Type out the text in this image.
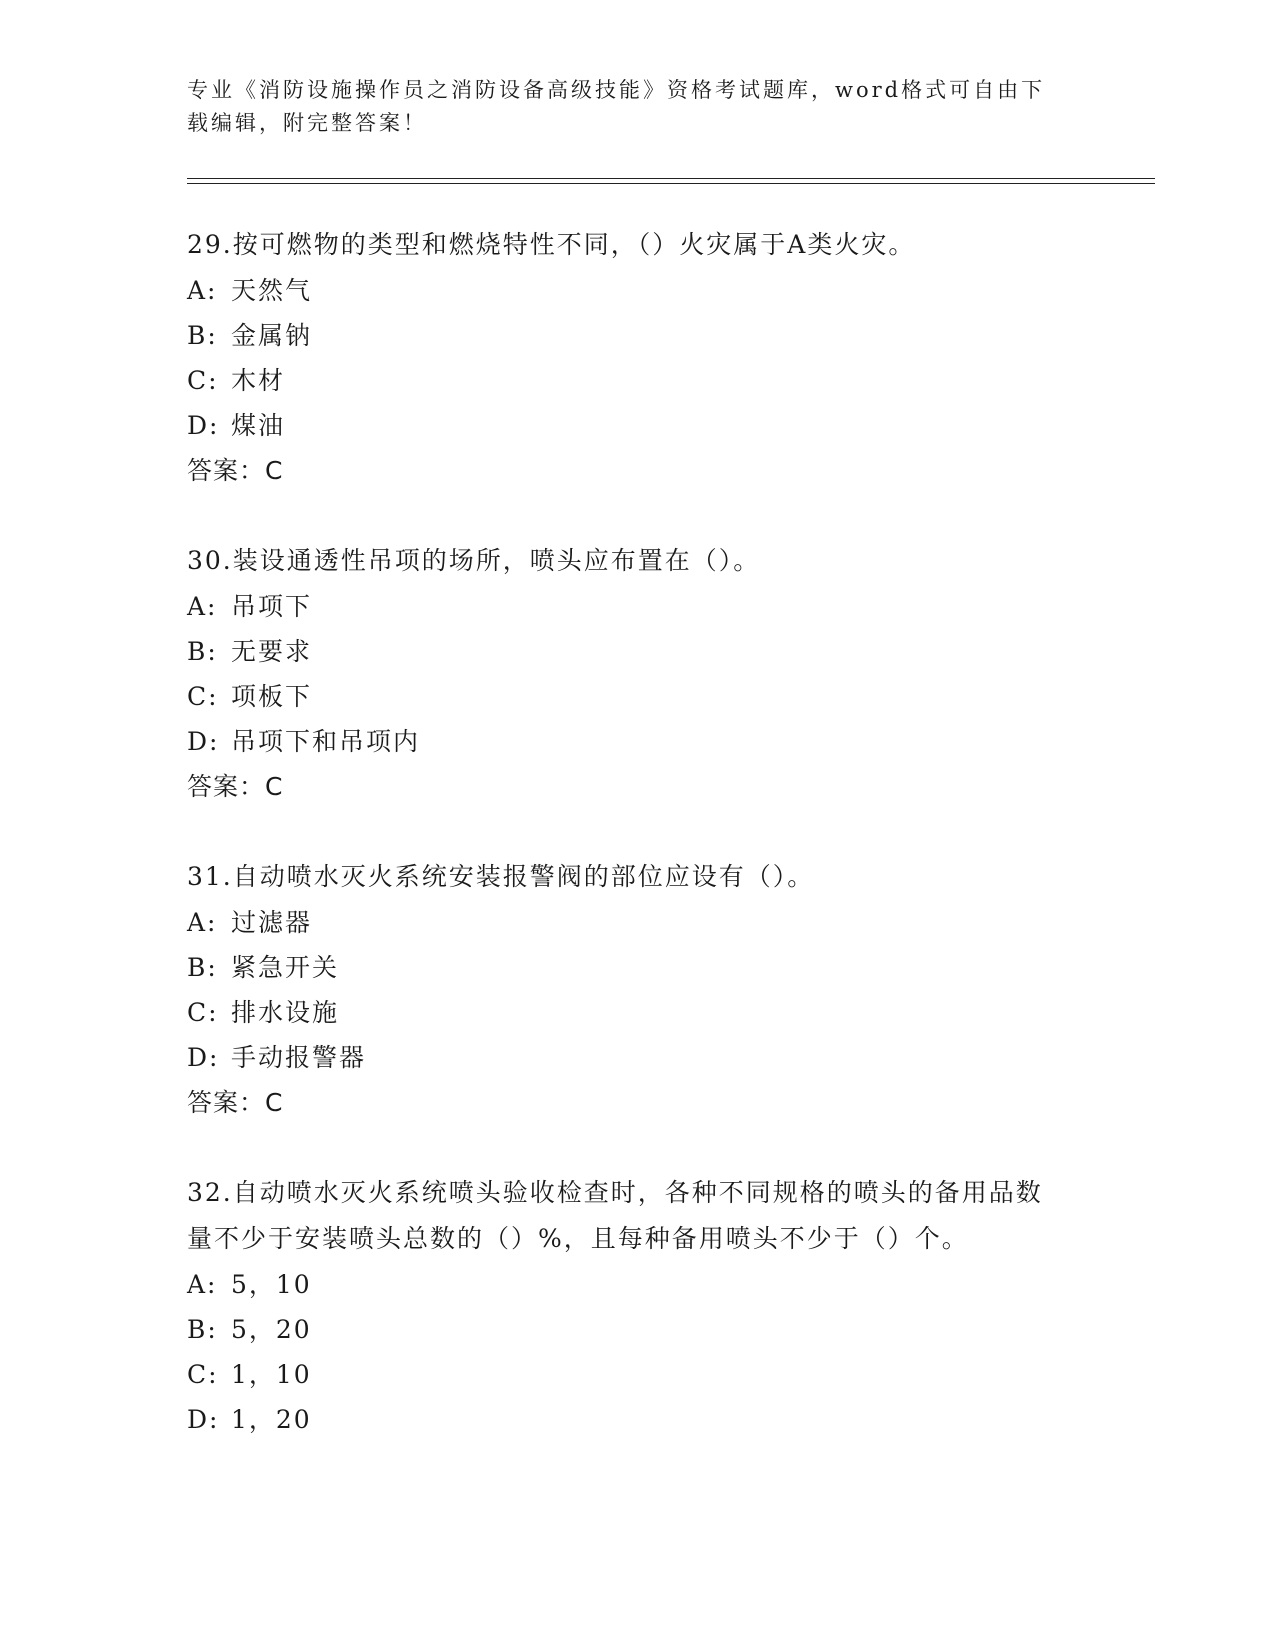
专业《消防设施操作员之消防设备高级技能》资格考试题库，word格式可自由下载编辑，附完整答案！
29.按可燃物的类型和燃烧特性不同，（）火灾属于A类火灾。
A: 天然气
B: 金属钠
C: 木材
D: 煤油
答案：C
30.装设通透性吊项的场所，喷头应布置在（）。
A: 吊项下
B: 无要求
C: 项板下
D: 吊项下和吊项内
答案：C
31.自动喷水灭火系统安装报警阀的部位应设有（）。
A: 过滤器
B: 紧急开关
C: 排水设施
D: 手动报警器
答案：C
32.自动喷水灭火系统喷头验收检查时，各种不同规格的喷头的备用品数量不少于安装喷头总数的（）%，且每种备用喷头不少于（）个。
A: 5，10
B: 5，20
C: 1，10
D: 1，20
